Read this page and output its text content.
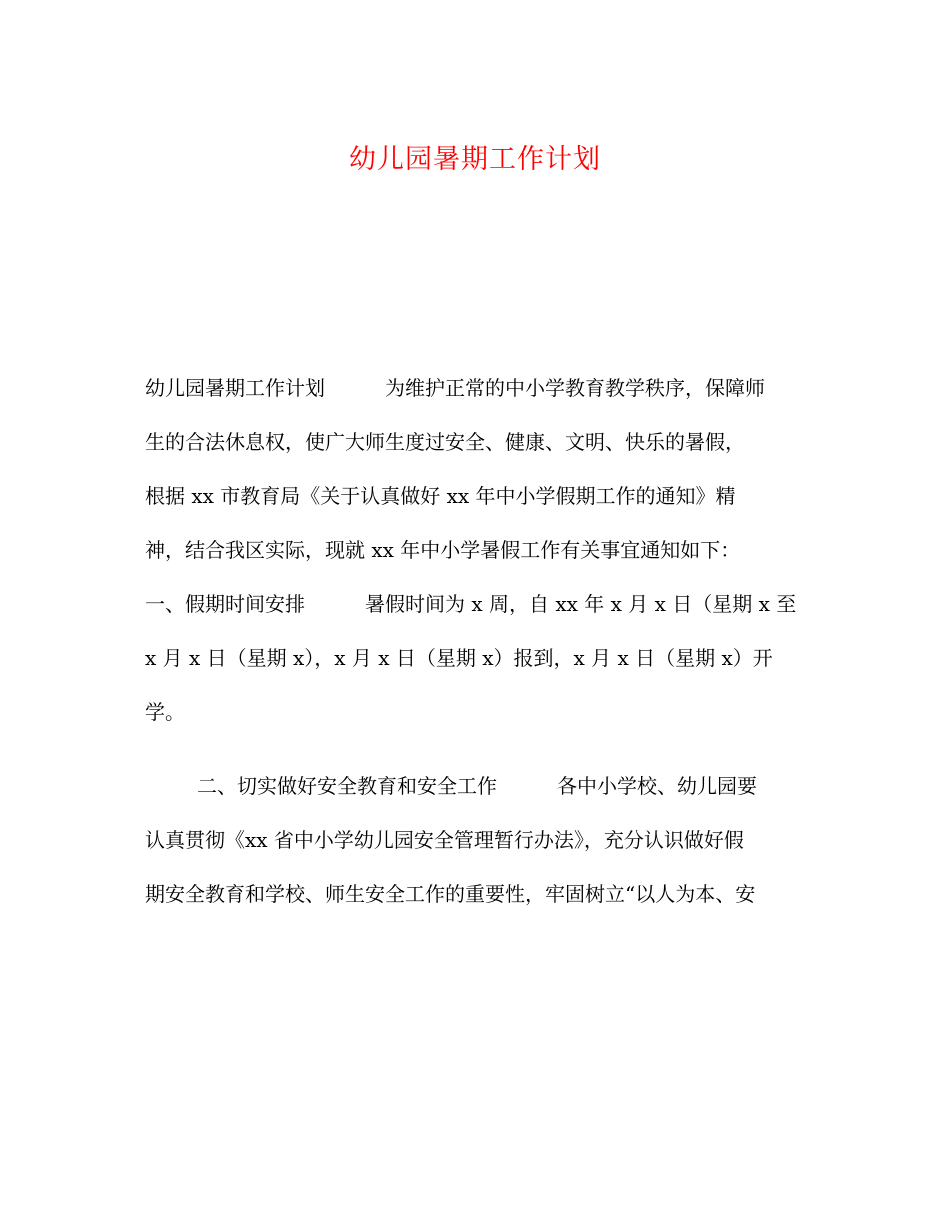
幼儿园暑期工作计划
幼儿园暑期工作计划　　　为维护正常的中小学教育教学秩序，保障师
生的合法休息权，使广大师生度过安全、健康、文明、快乐的暑假，
根据 xx 市教育局《关于认真做好 xx 年中小学假期工作的通知》精
神，结合我区实际，现就 xx 年中小学暑假工作有关事宜通知如下：
一、假期时间安排　　　暑假时间为 x 周，自 xx 年 x 月 x 日（星期 x 至
x 月 x 日（星期 x），x 月 x 日（星期 x）报到，x 月 x 日（星期 x）开
学。
二、切实做好安全教育和安全工作　　　各中小学校、幼儿园要
认真贯彻《xx 省中小学幼儿园安全管理暂行办法》，充分认识做好假
期安全教育和学校、师生安全工作的重要性，牢固树立“以人为本、安
